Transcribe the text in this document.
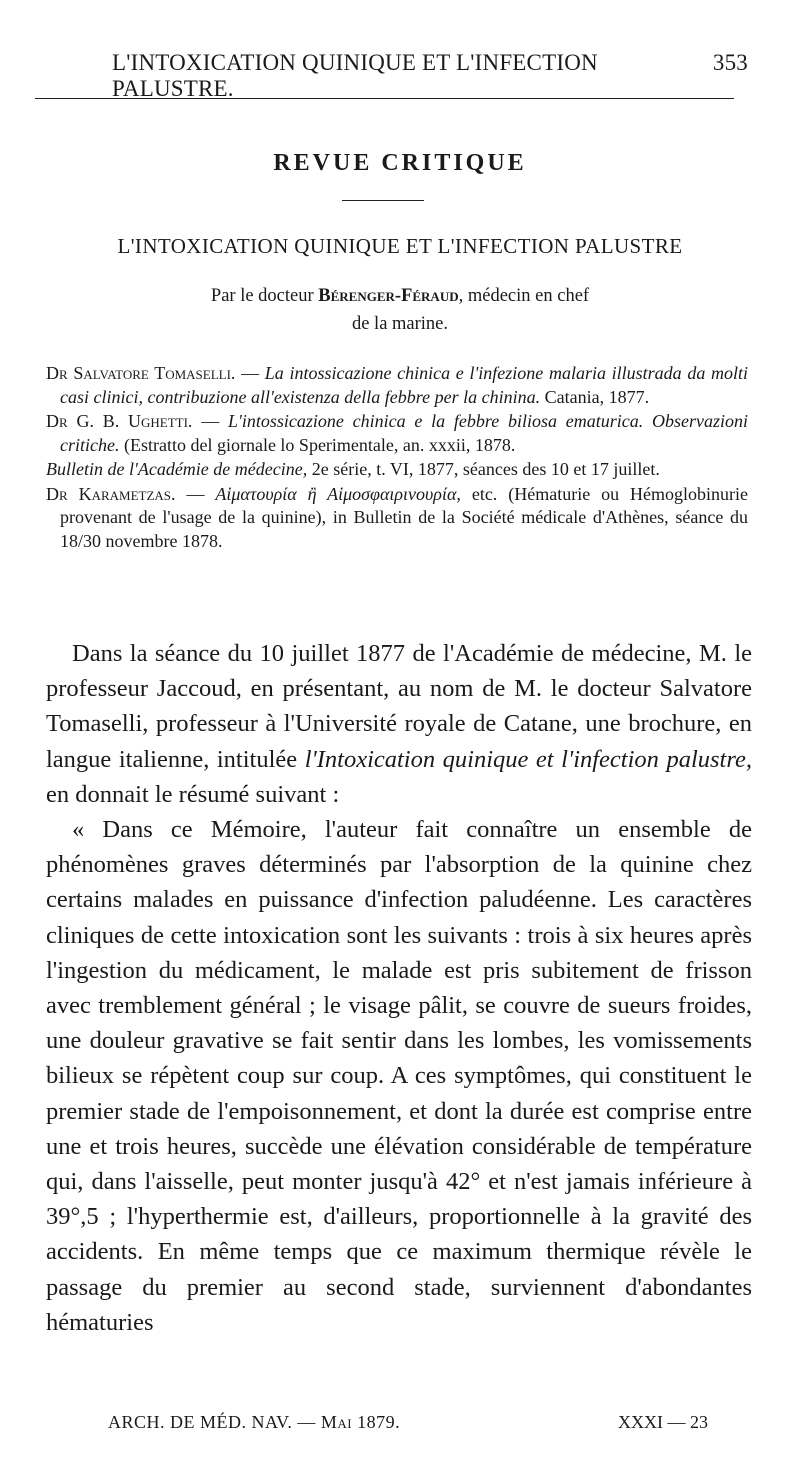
L'INTOXICATION QUINIQUE ET L'INFECTION PALUSTRE.
353
REVUE CRITIQUE
L'INTOXICATION QUINIQUE ET L'INFECTION PALUSTRE
Par le docteur Bérenger-Féraud, médecin en chef
de la marine.
Dr Salvatore Tomaselli. — La intossicazione chinica e l'infezione malaria illustrada da molti casi clinici, contribuzione all'existenza della febbre per la chinina. Catania, 1877.
Dr G. B. Ughetti. — L'intossicazione chinica e la febbre biliosa ematurica. Observazioni critiche. (Estratto del giornale lo Sperimentale, an. xxxii, 1878.
Bulletin de l'Académie de médecine, 2e série, t. VI, 1877, séances des 10 et 17 juillet.
Dr Karametzas. — Αἱματουρία ἢ Αἱμοσφαιρινουρία, etc. (Hématurie ou Hémoglobinurie provenant de l'usage de la quinine), in Bulletin de la Société médicale d'Athènes, séance du 18/30 novembre 1878.

Dans la séance du 10 juillet 1877 de l'Académie de médecine, M. le professeur Jaccoud, en présentant, au nom de M. le docteur Salvatore Tomaselli, professeur à l'Université royale de Catane, une brochure, en langue italienne, intitulée l'Intoxication quinique et l'infection palustre, en donnait le résumé suivant :

« Dans ce Mémoire, l'auteur fait connaître un ensemble de phénomènes graves déterminés par l'absorption de la quinine chez certains malades en puissance d'infection paludéenne. Les caractères cliniques de cette intoxication sont les suivants : trois à six heures après l'ingestion du médicament, le malade est pris subitement de frisson avec tremblement général ; le visage pâlit, se couvre de sueurs froides, une douleur gravative se fait sentir dans les lombes, les vomissements bilieux se répètent coup sur coup. A ces symptômes, qui constituent le premier stade de l'empoisonnement, et dont la durée est comprise entre une et trois heures, succède une élévation considérable de température qui, dans l'aisselle, peut monter jusqu'à 42° et n'est jamais inférieure à 39°,5 ; l'hyperthermie est, d'ailleurs, proportionnelle à la gravité des accidents. En même temps que ce maximum thermique révèle le passage du premier au second stade, surviennent d'abondantes hématuries

ARCH. DE MÉD. NAV. — Mai 1879.	XXXI — 23
